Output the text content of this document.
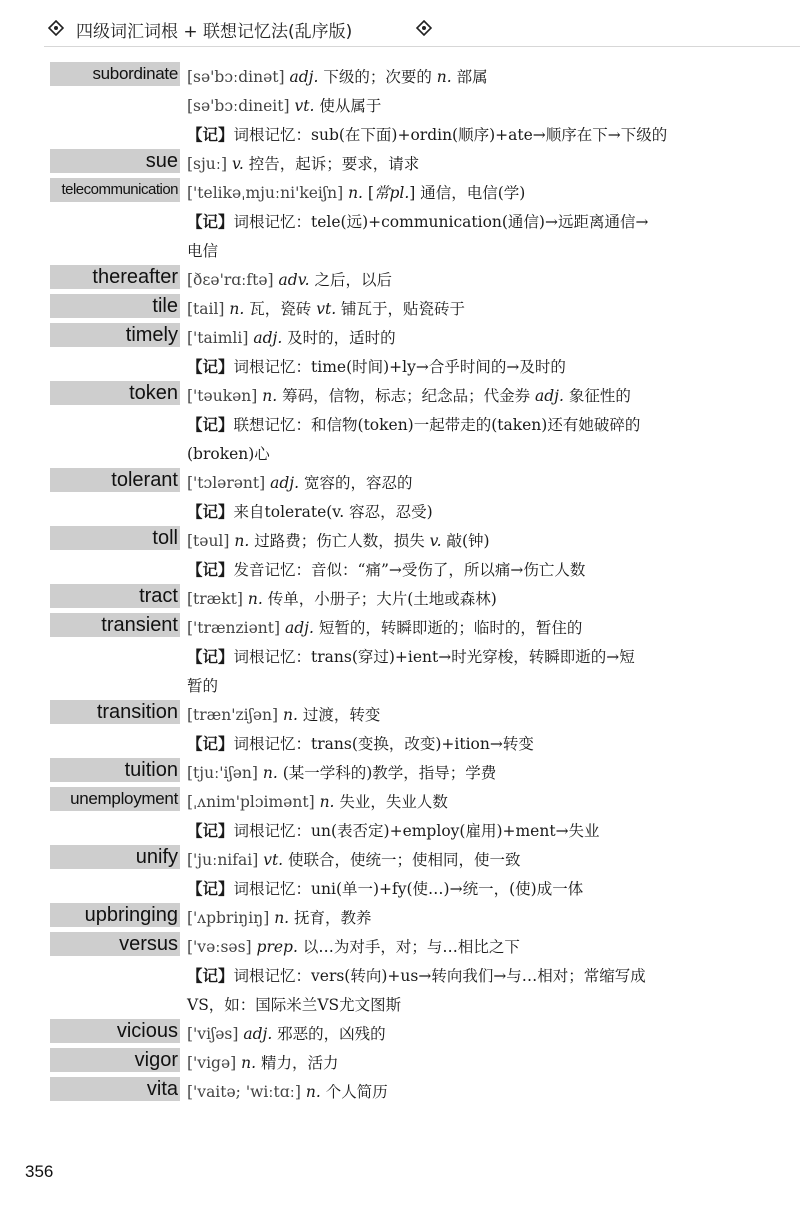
四级词汇词根 + 联想记忆法(乱序版)
subordinate [sə'bɔːdinət] adj. 下级的；次要的 n. 部属
[sə'bɔːdineit] vt. 使从属于
【记】词根记忆：sub(在下面)+ordin(顺序)+ate→顺序在下→下级的
sue [sjuː] v. 控告，起诉；要求，请求
telecommunication ['telikəˌmjuːni'keiʃn] n. [常pl.] 通信，电信(学)
【记】词根记忆：tele(远)+communication(通信)→远距离通信→
电信
thereafter [ðɛə'rɑːftə] adv. 之后，以后
tile [tail] n. 瓦，瓷砖 vt. 铺瓦于，贴瓷砖于
timely ['taimli] adj. 及时的，适时的
【记】词根记忆：time(时间)+ly→合乎时间的→及时的
token ['təukən] n. 筹码，信物，标志；纪念品；代金券 adj. 象征性的
【记】联想记忆：和信物(token)一起带走的(taken)还有她破碎的
(broken)心
tolerant ['tɔlərənt] adj. 宽容的，容忍的
【记】来自tolerate(v. 容忍，忍受)
toll [təul] n. 过路费；伤亡人数，损失 v. 敲(钟)
【记】发音记忆：音似：“痛”→受伤了，所以痛→伤亡人数
tract [trækt] n. 传单，小册子；大片(土地或森林)
transient ['trænziənt] adj. 短暂的，转瞬即逝的；临时的，暂住的
【记】词根记忆：trans(穿过)+ient→时光穿梭，转瞬即逝的→短
暂的
transition [træn'ziʃən] n. 过渡，转变
【记】词根记忆：trans(变换，改变)+ition→转变
tuition [tjuː'iʃən] n. (某一学科的)教学，指导；学费
unemployment [ˌʌnim'plɔimənt] n. 失业，失业人数
【记】词根记忆：un(表否定)+employ(雇用)+ment→失业
unify ['juːnifai] vt. 使联合，使统一；使相同，使一致
【记】词根记忆：uni(单一)+fy(使…)→统一，(使)成一体
upbringing ['ʌpbriŋiŋ] n. 抚育，教养
versus ['vəːsəs] prep. 以…为对手，对；与…相比之下
【记】词根记忆：vers(转向)+us→转向我们→与…相对；常缩写成
VS，如：国际米兰VS尤文图斯
vicious ['viʃəs] adj. 邪恶的，凶残的
vigor ['vigə] n. 精力，活力
vita ['vaitə; 'wiːtɑː] n. 个人简历
356
